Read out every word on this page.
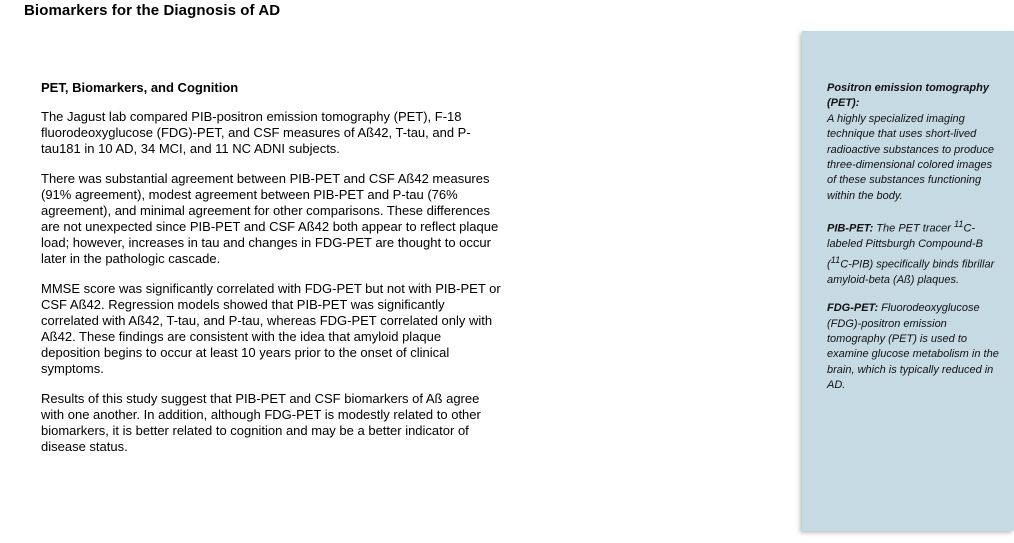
Biomarkers for the Diagnosis of AD
PET, Biomarkers, and Cognition

The Jagust lab compared PIB-positron emission tomography (PET), F-18 fluorodeoxyglucose (FDG)-PET, and CSF measures of Aß42, T-tau, and P-tau181 in 10 AD, 34 MCI, and 11 NC ADNI subjects.

There was substantial agreement between PIB-PET and CSF Aß42 measures (91% agreement), modest agreement between PIB-PET and P-tau (76% agreement), and minimal agreement for other comparisons. These differences are not unexpected since PIB-PET and CSF Aß42 both appear to reflect plaque load; however, increases in tau and changes in FDG-PET are thought to occur later in the pathologic cascade.

MMSE score was significantly correlated with FDG-PET but not with PIB-PET or CSF Aß42. Regression models showed that PIB-PET was significantly correlated with Aß42, T-tau, and P-tau, whereas FDG-PET correlated only with Aß42. These findings are consistent with the idea that amyloid plaque deposition begins to occur at least 10 years prior to the onset of clinical symptoms.

Results of this study suggest that PIB-PET and CSF biomarkers of Aß agree with one another. In addition, although FDG-PET is modestly related to other biomarkers, it is better related to cognition and may be a better indicator of disease status.

Positron emission tomography (PET):
A highly specialized imaging technique that uses short-lived radioactive substances to produce three-dimensional colored images of these substances functioning within the body.

PIB-PET: The PET tracer $^{11}$C-labeled Pittsburgh Compound-B ($^{11}$C-PIB) specifically binds fibrillar amyloid-beta (Aß) plaques.

FDG-PET: Fluorodeoxyglucose (FDG)-positron emission tomography (PET) is used to examine glucose metabolism in the brain, which is typically reduced in AD.
